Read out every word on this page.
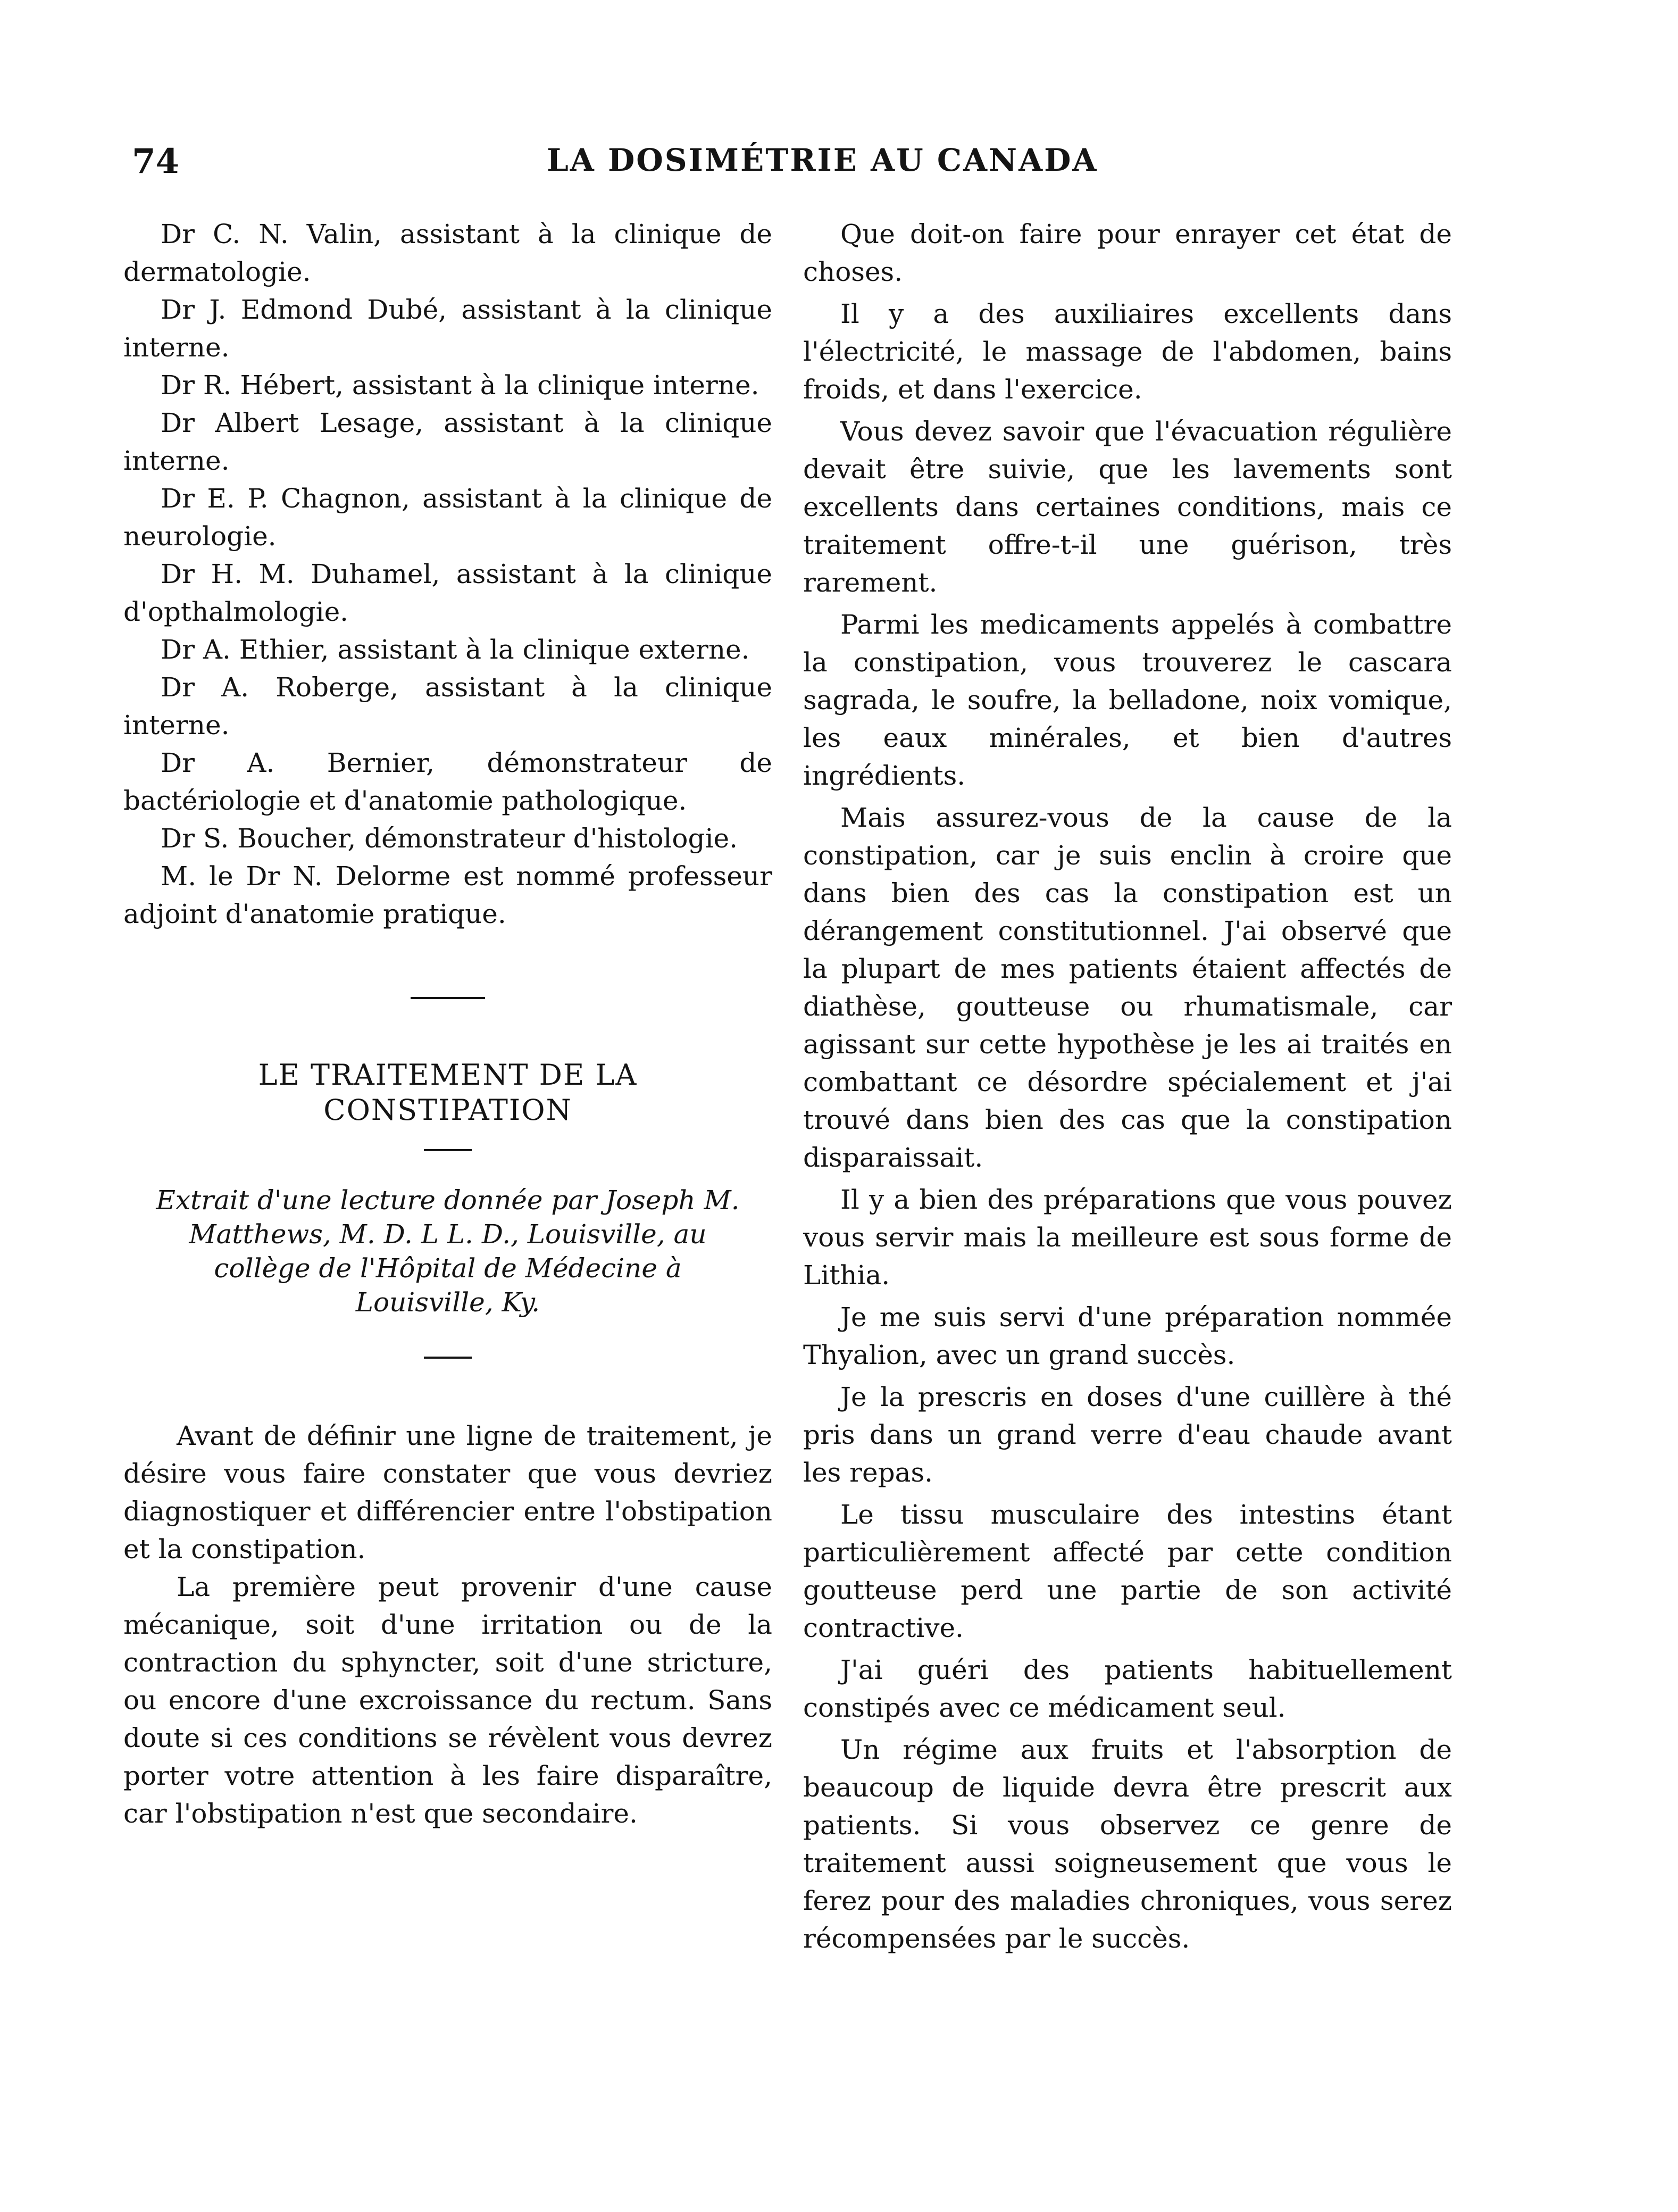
74	LA DOSIMÉTRIE AU CANADA

Dr C. N. Valin, assistant à la clinique de dermatologie.

Dr J. Edmond Dubé, assistant à la clinique interne.

Dr R. Hébert, assistant à la clinique interne.

Dr Albert Lesage, assistant à la clinique interne.

Dr E. P. Chagnon, assistant à la clinique de neurologie.

Dr H. M. Duhamel, assistant à la clinique d'opthalmologie.

Dr A. Ethier, assistant à la clinique externe.

Dr A. Roberge, assistant à la clinique interne.

Dr A. Bernier, démonstrateur de bactériologie et d'anatomie pathologique.

Dr S. Boucher, démonstrateur d'histologie.

M. le Dr N. Delorme est nommé professeur adjoint d'anatomie pratique.

LE TRAITEMENT DE LA CONSTIPATION
Extrait d'une lecture donnée par Joseph M. Matthews, M. D. L L. D., Louisville, au collège de l'Hôpital de Médecine à Louisville, Ky.

Avant de définir une ligne de traitement, je désire vous faire constater que vous devriez diagnostiquer et différencier entre l'obstipation et la constipation.

La première peut provenir d'une cause mécanique, soit d'une irritation ou de la contraction du sphyncter, soit d'une stricture, ou encore d'une excroissance du rectum. Sans doute si ces conditions se révèlent vous devrez porter votre attention à les faire disparaître, car l'obstipation n'est que secondaire.

Que doit-on faire pour enrayer cet état de choses.

Il y a des auxiliaires excellents dans l'électricité, le massage de l'abdomen, bains froids, et dans l'exercice.

Vous devez savoir que l'évacuation régulière devait être suivie, que les lavements sont excellents dans certaines conditions, mais ce traitement offre-t-il une guérison, très rarement.

Parmi les medicaments appelés à combattre la constipation, vous trouverez le cascara sagrada, le soufre, la belladone, noix vomique, les eaux minérales, et bien d'autres ingrédients.

Mais assurez-vous de la cause de la constipation, car je suis enclin à croire que dans bien des cas la constipation est un dérangement constitutionnel. J'ai observé que la plupart de mes patients étaient affectés de diathèse, goutteuse ou rhumatismale, car agissant sur cette hypothèse je les ai traités en combattant ce désordre spécialement et j'ai trouvé dans bien des cas que la constipation disparaissait.

Il y a bien des préparations que vous pouvez vous servir mais la meilleure est sous forme de Lithia.

Je me suis servi d'une préparation nommée Thyalion, avec un grand succès.

Je la prescris en doses d'une cuillère à thé pris dans un grand verre d'eau chaude avant les repas.

Le tissu musculaire des intestins étant particulièrement affecté par cette condition goutteuse perd une partie de son activité contractive.

J'ai guéri des patients habituellement constipés avec ce médicament seul.

Un régime aux fruits et l'absorption de beaucoup de liquide devra être prescrit aux patients. Si vous observez ce genre de traitement aussi soigneusement que vous le ferez pour des maladies chroniques, vous serez récompensées par le succès.
